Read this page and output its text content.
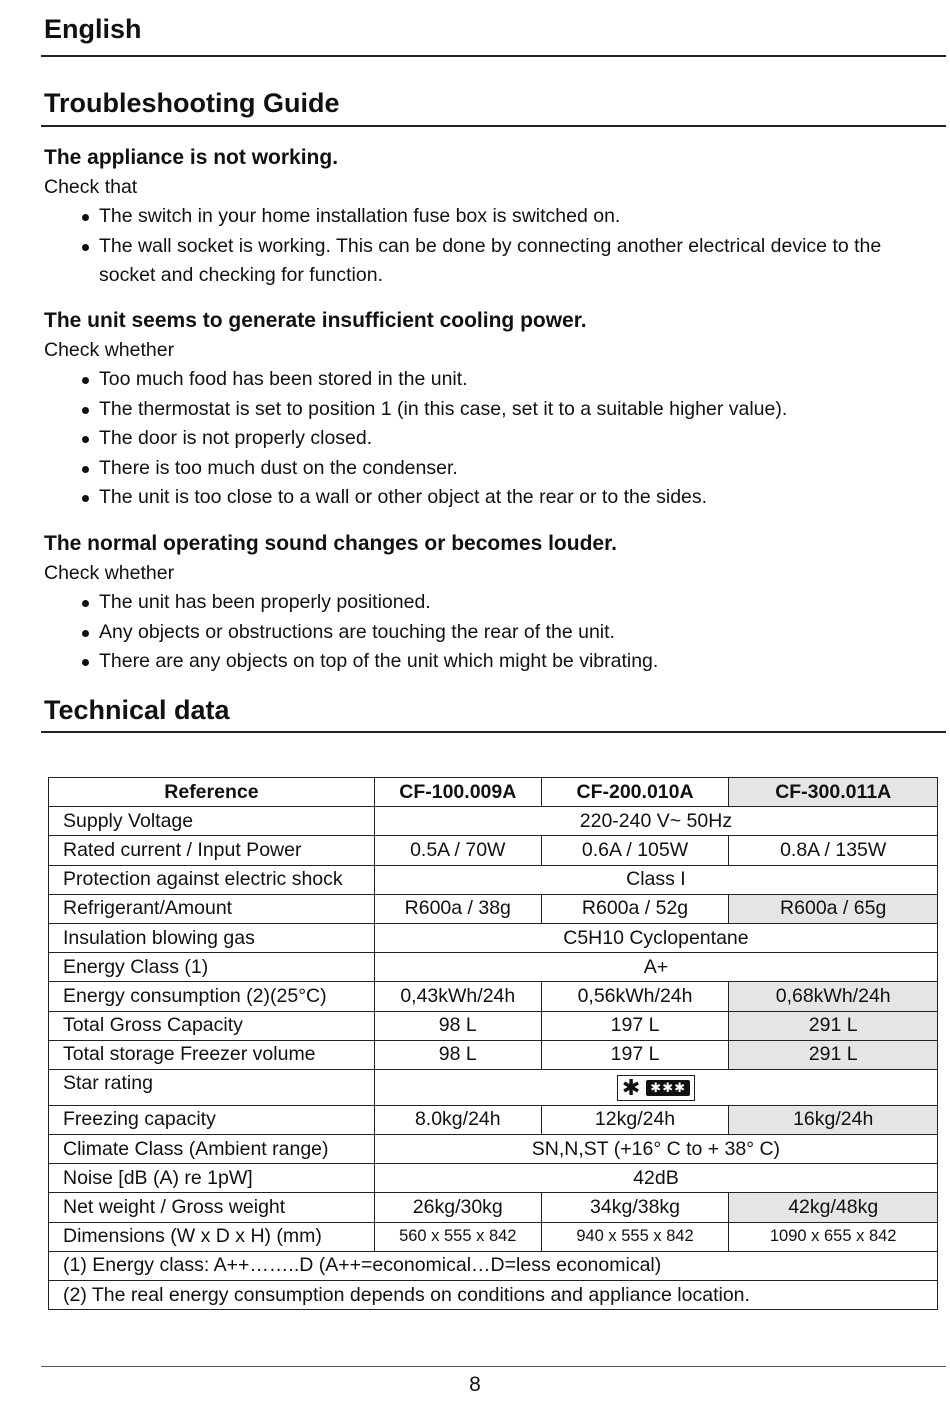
English
Troubleshooting Guide
The appliance is not working.
Check that
The switch in your home installation fuse box is switched on.
The wall socket is working. This can be done by connecting another electrical device to the socket and checking for function.
The unit seems to generate insufficient cooling power.
Check whether
Too much food has been stored in the unit.
The thermostat is set to position 1 (in this case, set it to a suitable higher value).
The door is not properly closed.
There is too much dust on the condenser.
The unit is too close to a wall or other object at the rear or to the sides.
The normal operating sound changes or becomes louder.
Check whether
The unit has been properly positioned.
Any objects or obstructions are touching the rear of the unit.
There are any objects on top of the unit which might be vibrating.
Technical data
Reference	CF-100.009A	CF-200.010A	CF-300.011A
Supply Voltage	220-240 V~ 50Hz		
Rated current / Input Power	0.5A / 70W	0.6A / 105W	0.8A / 135W
Protection against electric shock	Class I		
Refrigerant/Amount	R600a / 38g	R600a / 52g	R600a / 65g
Insulation blowing gas	C5H10 Cyclopentane		
Energy Class (1)	A+		
Energy consumption (2)(25°C)	0,43kWh/24h	0,56kWh/24h	0,68kWh/24h
Total Gross Capacity	98 L	197 L	291 L
Total storage Freezer volume	98 L	197 L	291 L
Star rating	✱ ✱✱✱		

Freezing capacity	8.0kg/24h	12kg/24h	16kg/24h
Climate Class (Ambient range)	SN,N,ST (+16° C to + 38° C)		
Noise [dB (A) re 1pW]	42dB		
Net weight / Gross weight	26kg/30kg	34kg/38kg	42kg/48kg
Dimensions (W x D x H) (mm)	560 x 555 x 842	940 x 555 x 842	1090 x 655 x 842
(1) Energy class: A++……..D (A++=economical…D=less economical)			
(2) The real energy consumption depends on conditions and appliance location.			
8
